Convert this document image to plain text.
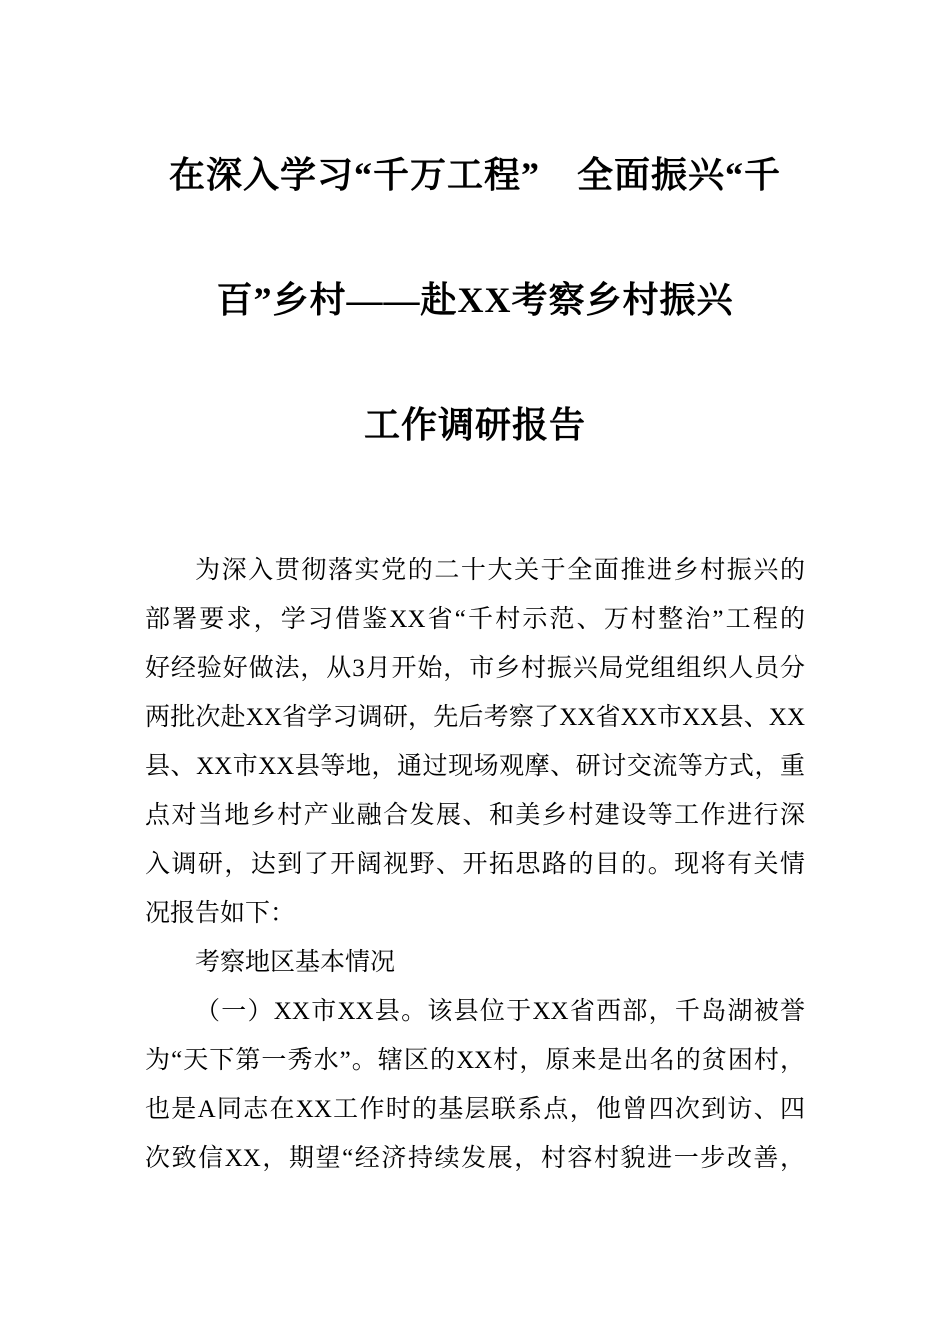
在深入学习“千万工程”　全面振兴“千
百”乡村——赴XX考察乡村振兴
工作调研报告
为深入贯彻落实党的二十大关于全面推进乡村振兴的
部署要求，学习借鉴XX省“千村示范、万村整治”工程的
好经验好做法，从3月开始，市乡村振兴局党组组织人员分
两批次赴XX省学习调研，先后考察了XX省XX市XX县、XX
县、XX市XX县等地，通过现场观摩、研讨交流等方式，重
点对当地乡村产业融合发展、和美乡村建设等工作进行深
入调研，达到了开阔视野、开拓思路的目的。现将有关情
况报告如下：
考察地区基本情况
（一）XX市XX县。该县位于XX省西部，千岛湖被誉
为“天下第一秀水”。辖区的XX村，原来是出名的贫困村，
也是A同志在XX工作时的基层联系点，他曾四次到访、四
次致信XX，期望“经济持续发展，村容村貌进一步改善，
